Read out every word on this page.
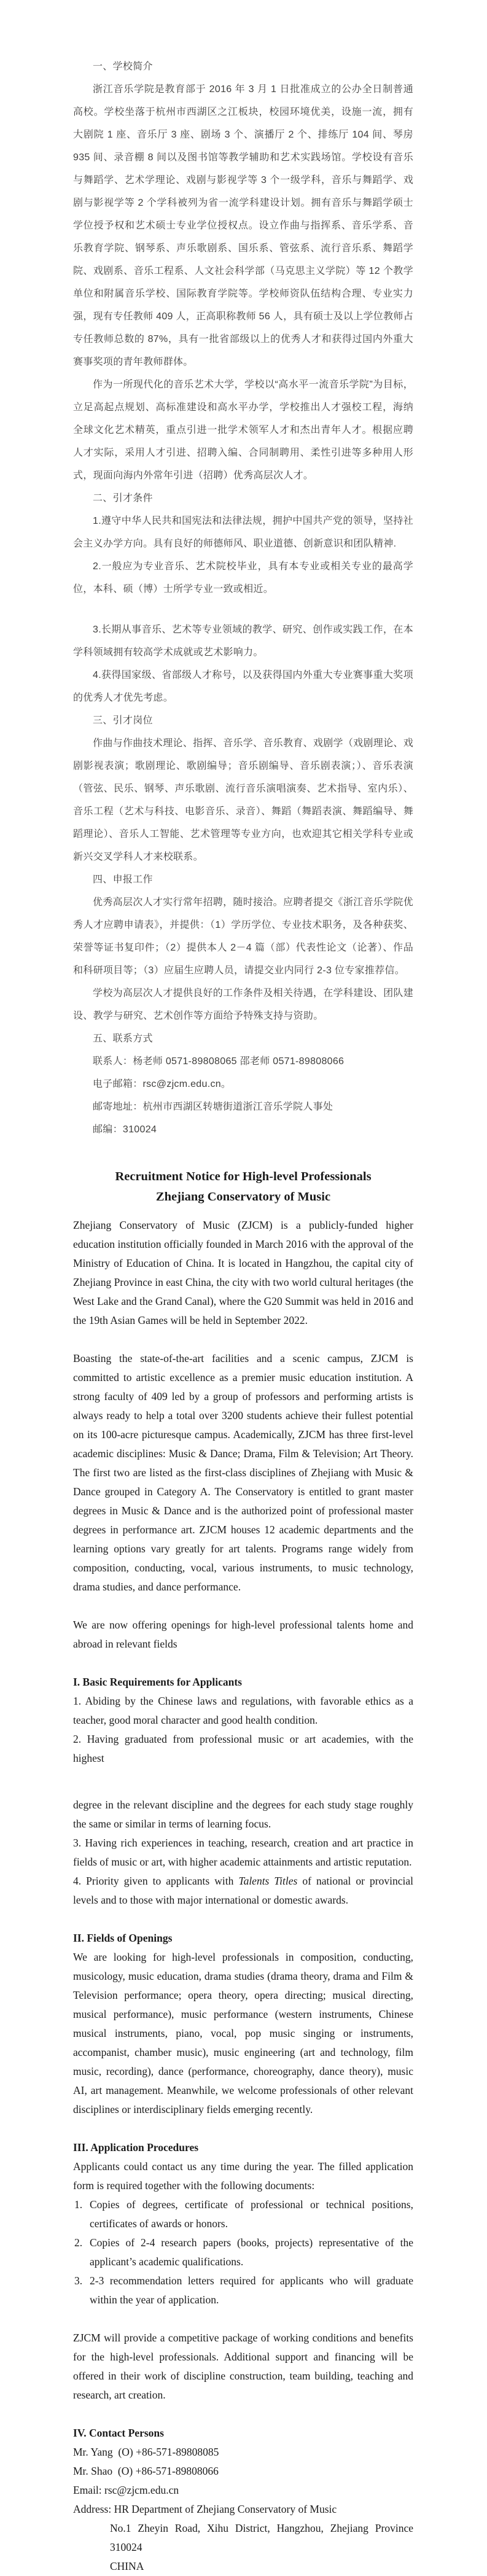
一、学校简介

浙江音乐学院是教育部于 2016 年 3 月 1 日批准成立的公办全日制普通高校。学校坐落于杭州市西湖区之江板块，校园环境优美，设施一流，拥有大剧院 1 座、音乐厅 3 座、剧场 3 个、演播厅 2 个、排练厅 104 间、琴房 935 间、录音棚 8 间以及图书馆等教学辅助和艺术实践场馆。学校设有音乐与舞蹈学、艺术学理论、戏剧与影视学等 3 个一级学科，音乐与舞蹈学、戏剧与影视学等 2 个学科被列为省一流学科建设计划。拥有音乐与舞蹈学硕士学位授予权和艺术硕士专业学位授权点。设立作曲与指挥系、音乐学系、音乐教育学院、钢琴系、声乐歌剧系、国乐系、管弦系、流行音乐系、舞蹈学院、戏剧系、音乐工程系、人文社会科学部（马克思主义学院）等 12 个教学单位和附属音乐学校、国际教育学院等。学校师资队伍结构合理、专业实力强，现有专任教师 409 人，正高职称教师 56 人，具有硕士及以上学位教师占专任教师总数的 87%，具有一批省部级以上的优秀人才和获得过国内外重大赛事奖项的青年教师群体。

作为一所现代化的音乐艺术大学，学校以“高水平一流音乐学院”为目标，立足高起点规划、高标准建设和高水平办学，学校推出人才强校工程，海纳全球文化艺术精英，重点引进一批学术领军人才和杰出青年人才。根据应聘人才实际，采用人才引进、招聘入编、合同制聘用、柔性引进等多种用人形式，现面向海内外常年引进（招聘）优秀高层次人才。

二、引才条件

1.遵守中华人民共和国宪法和法律法规，拥护中国共产党的领导，坚持社会主义办学方向。具有良好的师德师风、职业道德、创新意识和团队精神.

2.一般应为专业音乐、艺术院校毕业，具有本专业或相关专业的最高学位，本科、硕（博）士所学专业一致或相近。

3.长期从事音乐、艺术等专业领域的教学、研究、创作或实践工作，在本学科领域拥有较高学术成就或艺术影响力。

4.获得国家级、省部级人才称号，以及获得国内外重大专业赛事重大奖项的优秀人才优先考虑。

三、引才岗位

作曲与作曲技术理论、指挥、音乐学、音乐教育、戏剧学（戏剧理论、戏剧影视表演；歌剧理论、歌剧编导；音乐剧编导、音乐剧表演；）、音乐表演（管弦、民乐、钢琴、声乐歌剧、流行音乐演唱演奏、艺术指导、室内乐）、音乐工程（艺术与科技、电影音乐、录音）、舞蹈（舞蹈表演、舞蹈编导、舞蹈理论）、音乐人工智能、艺术管理等专业方向，也欢迎其它相关学科专业或新兴交叉学科人才来校联系。

四、申报工作

优秀高层次人才实行常年招聘，随时接洽。应聘者提交《浙江音乐学院优秀人才应聘申请表》，并提供：（1）学历学位、专业技术职务，及各种获奖、荣誉等证书复印件；（2）提供本人 2－4 篇（部）代表性论文（论著）、作品和科研项目等；（3）应届生应聘人员，请提交业内同行 2-3 位专家推荐信。

学校为高层次人才提供良好的工作条件及相关待遇，在学科建设、团队建设、教学与研究、艺术创作等方面给予特殊支持与资助。

五、联系方式

联系人：杨老师 0571-89808065 邵老师 0571-89808066

电子邮箱：rsc@zjcm.edu.cn。

邮寄地址：杭州市西湖区转塘街道浙江音乐学院人事处

邮编：310024

Recruitment Notice for High-level Professionals
Zhejiang Conservatory of Music

Zhejiang Conservatory of Music (ZJCM) is a publicly-funded higher education institution officially founded in March 2016 with the approval of the Ministry of Education of China. It is located in Hangzhou, the capital city of Zhejiang Province in east China, the city with two world cultural heritages (the West Lake and the Grand Canal), where the G20 Summit was held in 2016 and the 19th Asian Games will be held in September 2022.

Boasting the state-of-the-art facilities and a scenic campus, ZJCM is committed to artistic excellence as a premier music education institution. A strong faculty of 409 led by a group of professors and performing artists is always ready to help a total over 3200 students achieve their fullest potential on its 100-acre picturesque campus. Academically, ZJCM has three first-level academic disciplines: Music & Dance; Drama, Film & Television; Art Theory. The first two are listed as the first-class disciplines of Zhejiang with Music & Dance grouped in Category A. The Conservatory is entitled to grant master degrees in Music & Dance and is the authorized point of professional master degrees in performance art. ZJCM houses 12 academic departments and the learning options vary greatly for art talents. Programs range widely from composition, conducting, vocal, various instruments, to music technology, drama studies, and dance performance.

We are now offering openings for high-level professional talents home and abroad in relevant fields

I. Basic Requirements for Applicants

1. Abiding by the Chinese laws and regulations, with favorable ethics as a teacher, good moral character and good health condition.

2. Having graduated from professional music or art academies, with the highest

degree in the relevant discipline and the degrees for each study stage roughly the same or similar in terms of learning focus.

3. Having rich experiences in teaching, research, creation and art practice in fields of music or art, with higher academic attainments and artistic reputation.

4. Priority given to applicants with Talents Titles of national or provincial levels and to those with major international or domestic awards.

II. Fields of Openings

We are looking for high-level professionals in composition, conducting, musicology, music education, drama studies (drama theory, drama and Film & Television performance; opera theory, opera directing; musical directing, musical performance), music performance (western instruments, Chinese musical instruments, piano, vocal, pop music singing or instruments, accompanist, chamber music), music engineering (art and technology, film music, recording), dance (performance, choreography, dance theory), music AI, art management. Meanwhile, we welcome professionals of other relevant disciplines or interdisciplinary fields emerging recently.

III. Application Procedures

Applicants could contact us any time during the year. The filled application form is required together with the following documents:

1. Copies of degrees, certificate of professional or technical positions, certificates of awards or honors.

2. Copies of 2-4 research papers (books, projects) representative of the applicant’s academic qualifications.

3. 2-3 recommendation letters required for applicants who will graduate within the year of application.

ZJCM will provide a competitive package of working conditions and benefits for the high-level professionals. Additional support and financing will be offered in their work of discipline construction, team building, teaching and research, art creation.

IV. Contact Persons

Mr. Yang  (O) +86-571-89808085

Mr. Shao  (O) +86-571-89808066

Email: rsc@zjcm.edu.cn

Address: HR Department of Zhejiang Conservatory of Music

No.1 Zheyin Road, Xihu District, Hangzhou, Zhejiang Province 310024

CHINA
